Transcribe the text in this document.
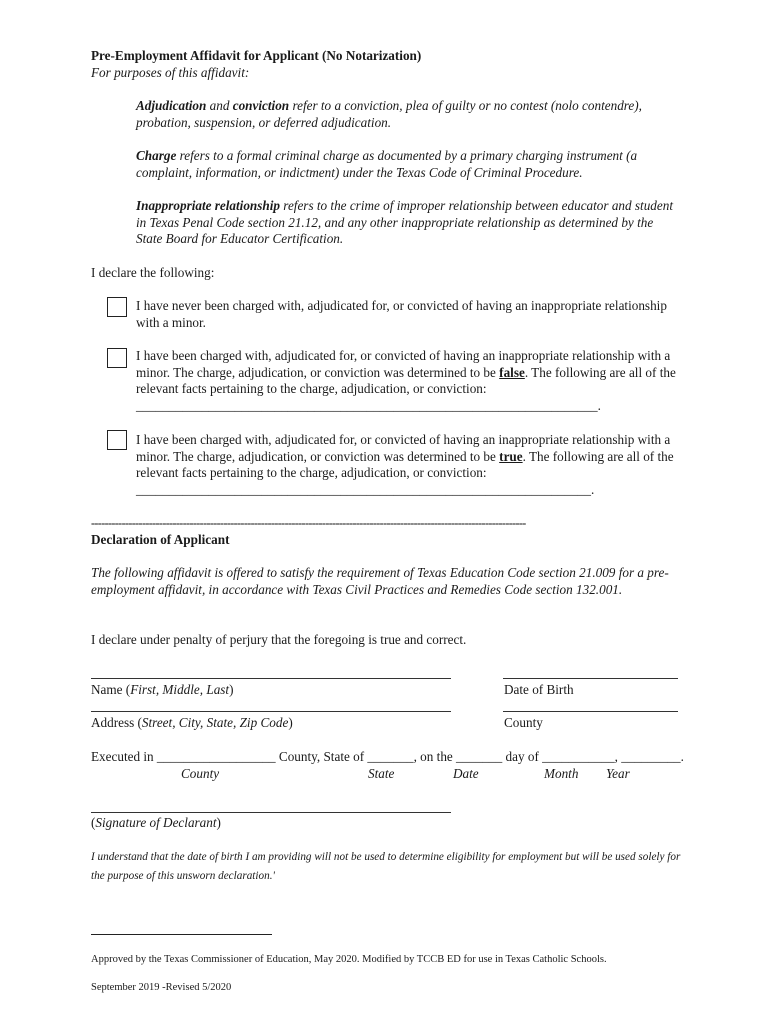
Pre-Employment Affidavit for Applicant (No Notarization)
For purposes of this affidavit:
Adjudication and conviction refer to a conviction, plea of guilty or no contest (nolo contendre), probation, suspension, or deferred adjudication.
Charge refers to a formal criminal charge as documented by a primary charging instrument (a complaint, information, or indictment) under the Texas Code of Criminal Procedure.
Inappropriate relationship refers to the crime of improper relationship between educator and student in Texas Penal Code section 21.12, and any other inappropriate relationship as determined by the State Board for Educator Certification.
I declare the following:
I have never been charged with, adjudicated for, or convicted of having an inappropriate relationship with a minor.
I have been charged with, adjudicated for, or convicted of having an inappropriate relationship with a minor. The charge, adjudication, or conviction was determined to be false. The following are all of the relevant facts pertaining to the charge, adjudication, or conviction: ______________________________________________________________________.
I have been charged with, adjudicated for, or convicted of having an inappropriate relationship with a minor. The charge, adjudication, or conviction was determined to be true. The following are all of the relevant facts pertaining to the charge, adjudication, or conviction: _____________________________________________________________________.
--------------------------------------------------------------------------------------------------------------------------------
Declaration of Applicant
The following affidavit is offered to satisfy the requirement of Texas Education Code section 21.009 for a pre-employment affidavit, in accordance with Texas Civil Practices and Remedies Code section 132.001.
I declare under penalty of perjury that the foregoing is true and correct.
Name (First, Middle, Last)	Date of Birth
Address (Street, City, State, Zip Code)	County
Executed in __________________ County, State of _______, on the _______ day of ___________, _________.
County	State	Date	Month Year
(Signature of Declarant)
I understand that the date of birth I am providing will not be used to determine eligibility for employment but will be used solely for the purpose of this unsworn declaration.'
Approved by the Texas Commissioner of Education, May 2020. Modified by TCCB ED for use in Texas Catholic Schools.
September 2019 -Revised 5/2020
